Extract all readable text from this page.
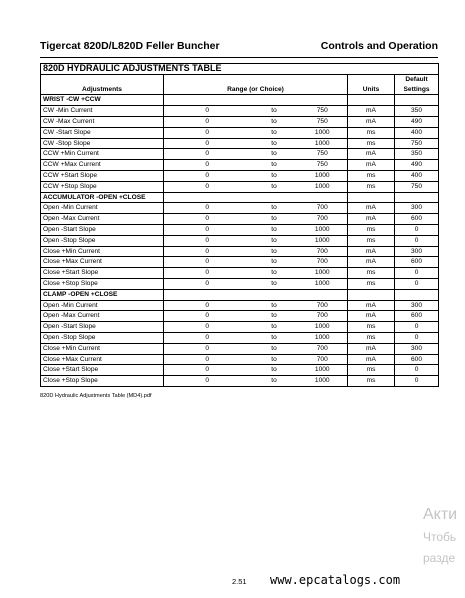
Tigercat 820D/L820D Feller Buncher	Controls and Operation
820D HYDRAULIC ADJUSTMENTS TABLE					
Adjustments	Range (or Choice)			Units	Default
Settings
WRIST -CW +CCW					
CW -Min Current	0	to	750	mA	350
CW -Max Current	0	to	750	mA	490
CW -Start Slope	0	to	1000	ms	400
CW -Stop Slope	0	to	1000	ms	750
CCW +Min Current	0	to	750	mA	350
CCW +Max Current	0	to	750	mA	490
CCW +Start Slope	0	to	1000	ms	400
CCW +Stop Slope	0	to	1000	ms	750
ACCUMULATOR -OPEN +CLOSE					
Open -Min Current	0	to	700	mA	300
Open -Max Current	0	to	700	mA	600
Open -Start Slope	0	to	1000	ms	0
Open -Stop Slope	0	to	1000	ms	0
Close +Min Current	0	to	700	mA	300
Close +Max Current	0	to	700	mA	600
Close +Start Slope	0	to	1000	ms	0
Close +Stop Slope	0	to	1000	ms	0
CLAMP -OPEN +CLOSE					
Open -Min Current	0	to	700	mA	300
Open -Max Current	0	to	700	mA	600
Open -Start Slope	0	to	1000	ms	0
Open -Stop Slope	0	to	1000	ms	0
Close +Min Current	0	to	700	mA	300
Close +Max Current	0	to	700	mA	600
Close +Start Slope	0	to	1000	ms	0
Close +Stop Slope	0	to	1000	ms	0
820D Hydraulic Adjustments Table (MD4).pdf
2.51 www.epcatalogs.com
Акти
Чтобь
разде
